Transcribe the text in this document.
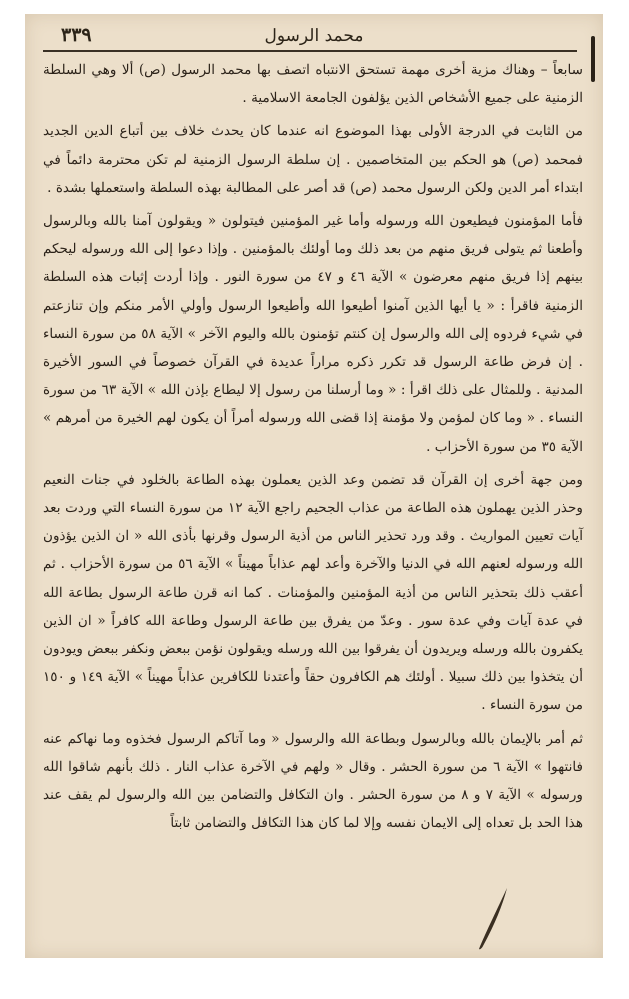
محمد الرسول
٣٣٩

سابعاً – وهناك مزية أخرى مهمة تستحق الانتباه اتصف بها محمد الرسول (ص) ألا وهي السلطة الزمنية على جميع الأشخاص الذين يؤلفون الجامعة الاسلامية .

من الثابت في الدرجة الأولى بهذا الموضوع انه عندما كان يحدث خلاف بين أتباع الدين الجديد فمحمد (ص) هو الحكم بين المتخاصمين . إن سلطة الرسول الزمنية لم تكن محترمة دائماً في ابتداء أمر الدين ولكن الرسول محمد (ص) قد أصر على المطالبة بهذه السلطة واستعملها بشدة .

فأما المؤمنون فيطيعون الله ورسوله وأما غير المؤمنين فيتولون « ويقولون آمنا بالله وبالرسول وأطعنا ثم يتولى فريق منهم من بعد ذلك وما أولئك بالمؤمنين . وإذا دعوا إلى الله ورسوله ليحكم بينهم إذا فريق منهم معرضون » الآية ٤٦ و ٤٧ من سورة النور . وإذا أردت إثبات هذه السلطة الزمنية فاقرأ : « يا أيها الذين آمنوا أطيعوا الله وأطيعوا الرسول وأولي الأمر منكم وإن تنازعتم في شيء فردوه إلى الله والرسول إن كنتم تؤمنون بالله واليوم الآخر » الآية ٥٨ من سورة النساء . إن فرض طاعة الرسول قد تكرر ذكره مراراً عديدة في القرآن خصوصاً في السور الأخيرة المدنية . وللمثال على ذلك اقرأ : « وما أرسلنا من رسول إلا ليطاع بإذن الله » الآية ٦٣ من سورة النساء . « وما كان لمؤمن ولا مؤمنة إذا قضى الله ورسوله أمراً أن يكون لهم الخيرة من أمرهم » الآية ٣٥ من سورة الأحزاب .

ومن جهة أخرى إن القرآن قد تضمن وعد الذين يعملون بهذه الطاعة بالخلود في جنات النعيم وحذر الذين يهملون هذه الطاعة من عذاب الجحيم راجع الآية ١٢ من سورة النساء التي وردت بعد آيات تعيين المواريث . وقد ورد تحذير الناس من أذية الرسول وقرنها بأذى الله « ان الذين يؤذون الله ورسوله لعنهم الله في الدنيا والآخرة وأعد لهم عذاباً مهيناً » الآية ٥٦ من سورة الأحزاب . ثم أعقب ذلك بتحذير الناس من أذية المؤمنين والمؤمنات . كما انه قرن طاعة الرسول بطاعة الله في عدة آيات وفي عدة سور . وعدّ من يفرق بين طاعة الرسول وطاعة الله كافراً « ان الذين يكفرون بالله ورسله ويريدون أن يفرقوا بين الله ورسله ويقولون نؤمن ببعض ونكفر ببعض ويودون أن يتخذوا بين ذلك سبيلا . أولئك هم الكافرون حقاً وأعتدنا للكافرين عذاباً مهيناً » الآية ١٤٩ و ١٥٠ من سورة النساء .

ثم أمر بالإيمان بالله وبالرسول وبطاعة الله والرسول « وما آتاكم الرسول فخذوه وما نهاكم عنه فانتهوا » الآية ٦ من سورة الحشر . وقال « ولهم في الآخرة عذاب النار . ذلك بأنهم شاقوا الله ورسوله » الآية ٧ و ٨ من سورة الحشر . وان التكافل والتضامن بين الله والرسول لم يقف عند هذا الحد بل تعداه إلى الايمان نفسه وإلا لما كان هذا التكافل والتضامن ثابتاً
